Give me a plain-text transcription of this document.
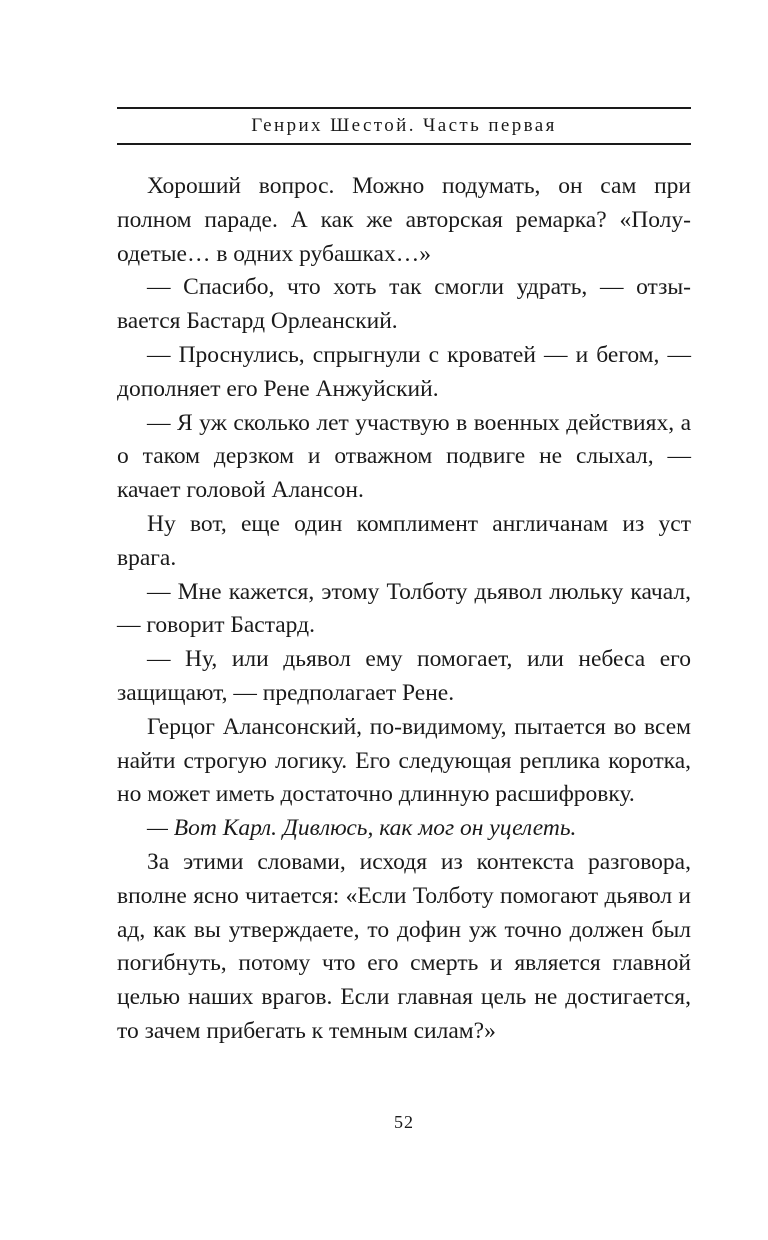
Генрих Шестой. Часть первая

Хороший вопрос. Можно подумать, он сам при полном параде. А как же авторская ремарка? «Полуодетые… в одних рубашках…»

— Спасибо, что хоть так смогли удрать, — отзывается Бастард Орлеанский.

— Проснулись, спрыгнули с кроватей — и бегом, — дополняет его Рене Анжуйский.

— Я уж сколько лет участвую в военных действиях, а о таком дерзком и отважном подвиге не слыхал, — качает головой Алансон.

Ну вот, еще один комплимент англичанам из уст врага.

— Мне кажется, этому Толботу дьявол люльку качал, — говорит Бастард.

— Ну, или дьявол ему помогает, или небеса его защищают, — предполагает Рене.

Герцог Алансонский, по-видимому, пытается во всем найти строгую логику. Его следующая реплика коротка, но может иметь достаточно длинную расшифровку.

— Вот Карл. Дивлюсь, как мог он уцелеть.

За этими словами, исходя из контекста разговора, вполне ясно читается: «Если Толботу помогают дьявол и ад, как вы утверждаете, то дофин уж точно должен был погибнуть, потому что его смерть и является главной целью наших врагов. Если главная цель не достигается, то зачем прибегать к темным силам?»

52
